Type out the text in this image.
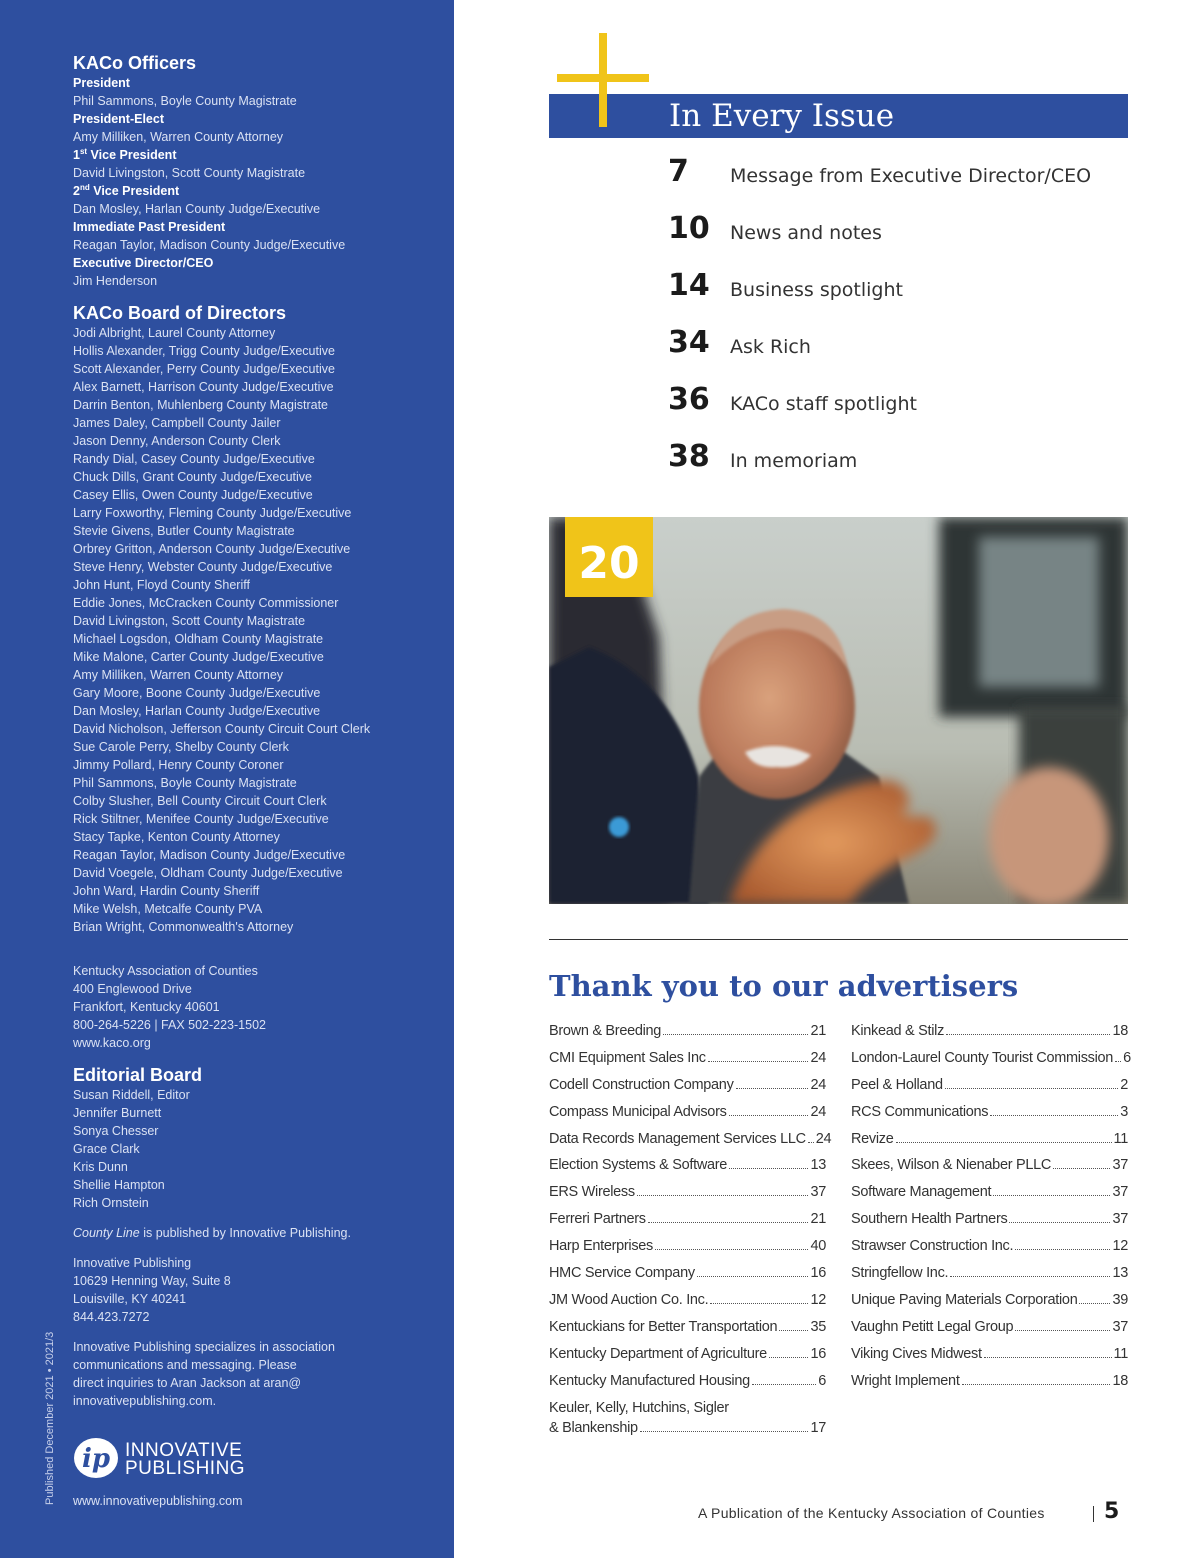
KACo Officers
President
Phil Sammons, Boyle County Magistrate
President-Elect
Amy Milliken, Warren County Attorney
1st Vice President
David Livingston, Scott County Magistrate
2nd Vice President
Dan Mosley, Harlan County Judge/Executive
Immediate Past President
Reagan Taylor, Madison County Judge/Executive
Executive Director/CEO
Jim Henderson
KACo Board of Directors
Jodi Albright, Laurel County Attorney
Hollis Alexander, Trigg County Judge/Executive
Scott Alexander, Perry County Judge/Executive
Alex Barnett, Harrison County Judge/Executive
Darrin Benton, Muhlenberg County Magistrate
James Daley, Campbell County Jailer
Jason Denny, Anderson County Clerk
Randy Dial, Casey County Judge/Executive
Chuck Dills, Grant County Judge/Executive
Casey Ellis, Owen County Judge/Executive
Larry Foxworthy, Fleming County Judge/Executive
Stevie Givens, Butler County Magistrate
Orbrey Gritton, Anderson County Judge/Executive
Steve Henry, Webster County Judge/Executive
John Hunt, Floyd County Sheriff
Eddie Jones, McCracken County Commissioner
David Livingston, Scott County Magistrate
Michael Logsdon, Oldham County Magistrate
Mike Malone, Carter County Judge/Executive
Amy Milliken, Warren County Attorney
Gary Moore, Boone County Judge/Executive
Dan Mosley, Harlan County Judge/Executive
David Nicholson, Jefferson County Circuit Court Clerk
Sue Carole Perry, Shelby County Clerk
Jimmy Pollard, Henry County Coroner
Phil Sammons, Boyle County Magistrate
Colby Slusher, Bell County Circuit Court Clerk
Rick Stiltner, Menifee County Judge/Executive
Stacy Tapke, Kenton County Attorney
Reagan Taylor, Madison County Judge/Executive
David Voegele, Oldham County Judge/Executive
John Ward, Hardin County Sheriff
Mike Welsh, Metcalfe County PVA
Brian Wright, Commonwealth's Attorney
Kentucky Association of Counties
400 Englewood Drive
Frankfort, Kentucky 40601
800-264-5226 | FAX 502-223-1502
www.kaco.org
Editorial Board
Susan Riddell, Editor
Jennifer Burnett
Sonya Chesser
Grace Clark
Kris Dunn
Shellie Hampton
Rich Ornstein
County Line is published by Innovative Publishing.
Innovative Publishing
10629 Henning Way, Suite 8
Louisville, KY 40241
844.423.7272
Innovative Publishing specializes in association
communications and messaging. Please
direct inquiries to Aran Jackson at aran@
innovativepublishing.com.
Published December 2021 • 2021/3 ip INNOVATIVE
PUBLISHING
www.innovativepublishing.com
In Every Issue
7 Message from Executive Director/CEO
10 News and notes
14 Business spotlight
34 Ask Rich
36 KACo staff spotlight
38 In memoriam
20
Thank you to our advertisers
Brown & Breeding	21
CMI Equipment Sales Inc	24
Codell Construction Company	24
Compass Municipal Advisors	24
Data Records Management Services LLC 24
Election Systems & Software	13
ERS Wireless	37
Ferreri Partners	21
Harp Enterprises	40
HMC Service Company	16
JM Wood Auction Co. Inc.	12
Kentuckians for Better Transportation 35
Kentucky Department of Agriculture	16
Kentucky Manufactured Housing	6
Keuler, Kelly, Hutchins, Sigler
& Blankenship	17
Kinkead & Stilz	18
London-Laurel County Tourist Commission 6
Peel & Holland	2
RCS Communications	3
Revize	11
Skees, Wilson & Nienaber PLLC	37
Software Management	37
Southern Health Partners	37
Strawser Construction Inc.	12
Stringfellow Inc.	13
Unique Paving Materials Corporation 39
Vaughn Petitt Legal Group	37
Viking Cives Midwest	11
Wright Implement	18
A Publication of the Kentucky Association of Counties	5
